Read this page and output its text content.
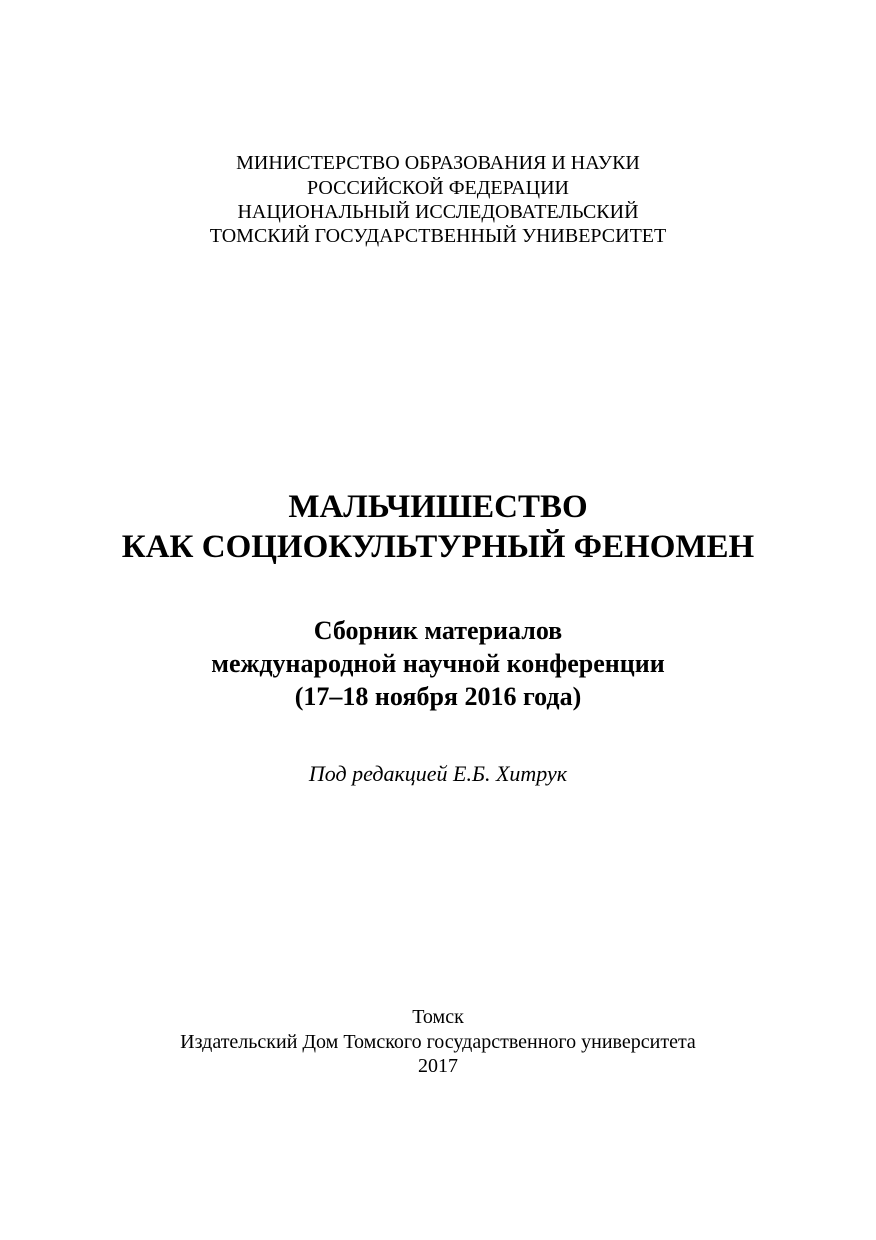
МИНИСТЕРСТВО ОБРАЗОВАНИЯ И НАУКИ
РОССИЙСКОЙ ФЕДЕРАЦИИ
НАЦИОНАЛЬНЫЙ ИССЛЕДОВАТЕЛЬСКИЙ
ТОМСКИЙ ГОСУДАРСТВЕННЫЙ УНИВЕРСИТЕТ
МАЛЬЧИШЕСТВО
КАК СОЦИОКУЛЬТУРНЫЙ ФЕНОМЕН
Сборник материалов
международной научной конференции
(17–18 ноября 2016 года)
Под редакцией Е.Б. Хитрук
Томск
Издательский Дом Томского государственного университета
2017
